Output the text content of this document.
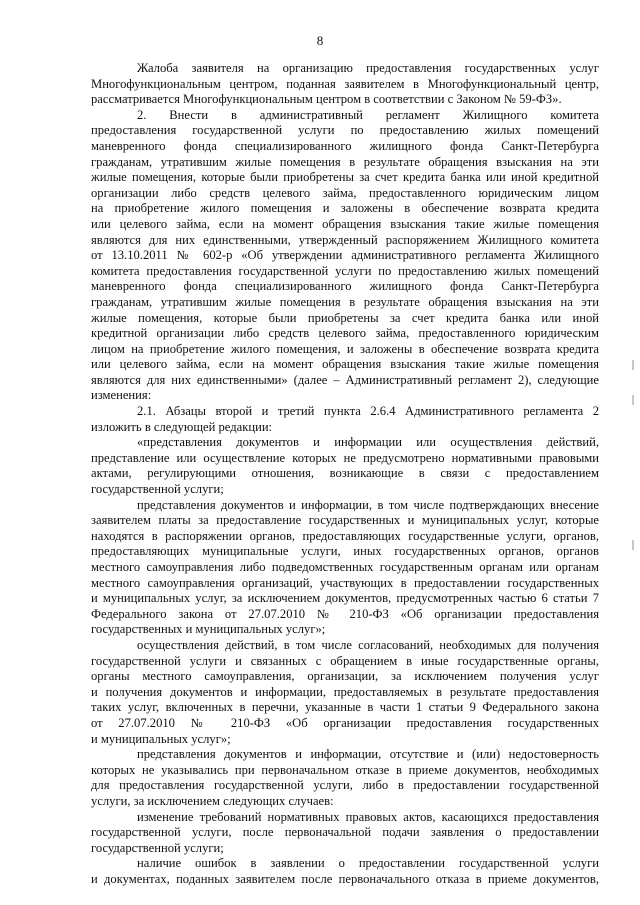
8
Жалоба заявителя на организацию предоставления государственных услуг
Многофункциональным центром, поданная заявителем в Многофункциональный центр,
рассматривается Многофункциональным центром в соответствии с Законом № 59-ФЗ».
2. Внести в административный регламент Жилищного комитета
предоставления государственной услуги по предоставлению жилых помещений
маневренного фонда специализированного жилищного фонда Санкт-Петербурга
гражданам, утратившим жилые помещения в результате обращения взыскания на эти
жилые помещения, которые были приобретены за счет кредита банка или иной кредитной
организации либо средств целевого займа, предоставленного юридическим лицом
на приобретение жилого помещения и заложены в обеспечение возврата кредита
или целевого займа, если на момент обращения взыскания такие жилые помещения
являются для них единственными, утвержденный распоряжением Жилищного комитета
от 13.10.2011 № 602-р «Об утверждении административного регламента Жилищного
комитета предоставления государственной услуги по предоставлению жилых помещений
маневренного фонда специализированного жилищного фонда Санкт-Петербурга
гражданам, утратившим жилые помещения в результате обращения взыскания на эти
жилые помещения, которые были приобретены за счет кредита банка или иной
кредитной организации либо средств целевого займа, предоставленного юридическим
лицом на приобретение жилого помещения, и заложены в обеспечение возврата кредита
или целевого займа, если на момент обращения взыскания такие жилые помещения
являются для них единственными» (далее – Административный регламент 2), следующие
изменения:
2.1. Абзацы второй и третий пункта 2.6.4 Административного регламента 2
изложить в следующей редакции:
«представления документов и информации или осуществления действий,
представление или осуществление которых не предусмотрено нормативными правовыми
актами, регулирующими отношения, возникающие в связи с предоставлением
государственной услуги;
представления документов и информации, в том числе подтверждающих внесение
заявителем платы за предоставление государственных и муниципальных услуг, которые
находятся в распоряжении органов, предоставляющих государственные услуги, органов,
предоставляющих муниципальные услуги, иных государственных органов, органов
местного самоуправления либо подведомственных государственным органам или органам
местного самоуправления организаций, участвующих в предоставлении государственных
и муниципальных услуг, за исключением документов, предусмотренных частью 6 статьи 7
Федерального закона от 27.07.2010 № 210-ФЗ «Об организации предоставления
государственных и муниципальных услуг»;
осуществления действий, в том числе согласований, необходимых для получения
государственной услуги и связанных с обращением в иные государственные органы,
органы местного самоуправления, организации, за исключением получения услуг
и получения документов и информации, предоставляемых в результате предоставления
таких услуг, включенных в перечни, указанные в части 1 статьи 9 Федерального закона
от 27.07.2010 № 210-ФЗ «Об организации предоставления государственных
и муниципальных услуг»;
представления документов и информации, отсутствие и (или) недостоверность
которых не указывались при первоначальном отказе в приеме документов, необходимых
для предоставления государственной услуги, либо в предоставлении государственной
услуги, за исключением следующих случаев:
изменение требований нормативных правовых актов, касающихся предоставления
государственной услуги, после первоначальной подачи заявления о предоставлении
государственной услуги;
наличие ошибок в заявлении о предоставлении государственной услуги
и документах, поданных заявителем после первоначального отказа в приеме документов,
